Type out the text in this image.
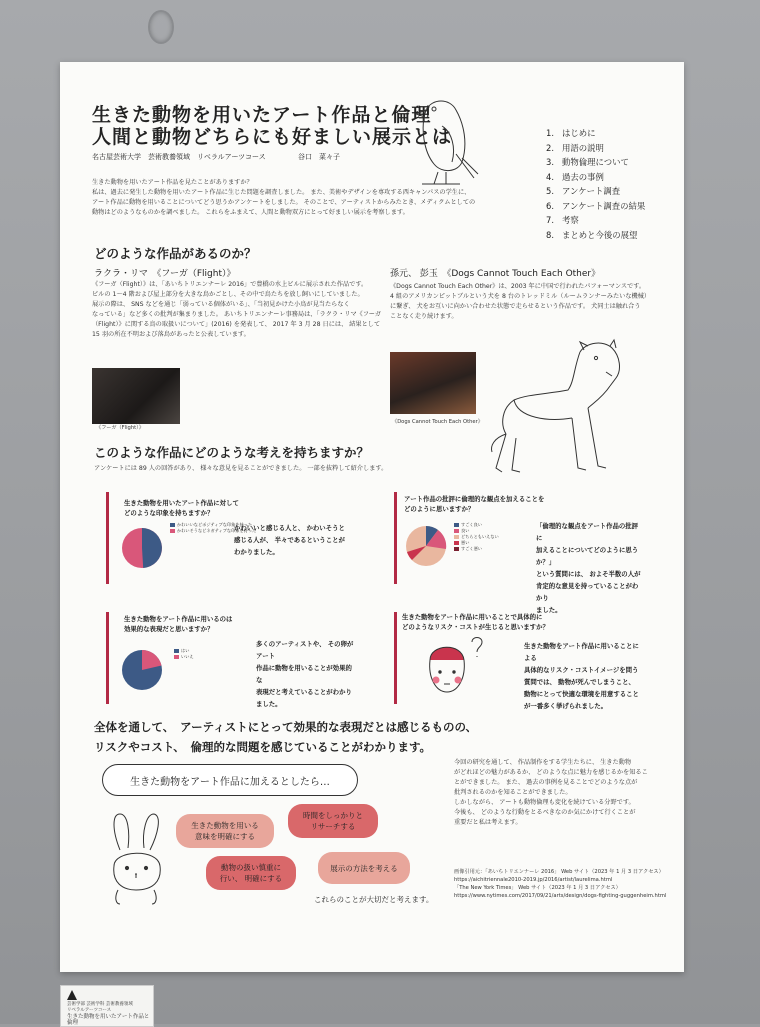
生きた動物を用いたアート作品と倫理
人間と動物どちらにも好ましい展示とは
名古屋芸術大学　芸術教養領域　リベラルアーツコース	谷口　菜々子
生きた動物を用いたアート作品を見たことがありますか？
私は、過去に発生した動物を用いたアート作品に生じた問題を調査しました。 また、美術やデザインを専攻する西キャンパスの学生に、
アート作品に動物を用いることについてどう思うかアンケートをしました。 そのことで、アーティストからみたとき、メディクムとしての
動物はどのようなものかを調べました。 これらをふまえて、人間と動物双方にとって好ましい展示を考察します。
1. はじめに
2. 用語の説明
3. 動物倫理について
4. 過去の事例
5. アンケート調査
6. アンケート調査の結果
7. 考察
8. まとめと今後の展望
どのような作品があるのか？
ラクラ・リマ　《フーガ（Flight）》
《フーガ（Flight）》は、「あいちトリエンナーレ 2016」で豊橋の水上ビルに展示された作品です。
ビルの 1〜4 階および屋上部分を大きな鳥かごとし、その中で鳥たちを放し飼いにしていました。
展示の際は、 SNS などを通じ「弱っている個体がいる」、「当初見かけた小鳥が見当たらなく
なっている」など多くの批判が集まりました。 あいちトリエンナーレ事務局は、「ラクラ・リマ《フーガ
（Flight）》に関する鳥の取扱いについて」(2016) を発表して、 2017 年 3 月 28 日には、 結果として
15 羽の所在不明および落鳥があったと公表しています。
《フーガ（Flight）》
孫元、 彭玉　《Dogs Cannot Touch Each Other》
《Dogs Cannot Touch Each Other》は、2003 年に中国で行われたパフォーマンスです。
4 組のアメリカンピットブルという犬を 8 台のトレッドミル（ルームランナーみたいな機械）
に繋ぎ、 犬をお互いに向かい合わせた状態で走らせるという作品です。 犬同士は触れ合う
ことなく走り続けます。
《Dogs Cannot Touch Each Other》
このような作品にどのような考えを持ちますか？
アンケートには 89 人の回答があり、 様々な意見を見ることができました。 一部を抜粋して紹介します。
生きた動物を用いたアート作品に対して
どのような印象を持ちますか？
かわいいなどポジティブな印象を持った
かわいそうなどネガティブな印象を持った
かわいいと感じる人と、 かわいそうと
感じる人が、 半々であるということが
わかりました。
アート作品の批評に倫理的な観点を加えることを
どのように思いますか？
すごく良い
良い
どちらともいえない
悪い
すごく悪い
「倫理的な観点をアート作品の批評に
加えることについてどのように思うか？」
という質問には、 およそ半数の人が
肯定的な意見を持っていることがわかり
ました。
生きた動物をアート作品に用いるのは
効果的な表現だと思いますか？
はい
いいえ
多くのアーティストや、 その卵がアート
作品に動物を用いることが効果的な
表現だと考えていることがわかりました。
生きた動物をアート作品に用いることで具体的に
どのようなリスク・コストが生じると思いますか？
生きた動物をアート作品に用いることによる
具体的なリスク・コストイメージを問う
質問では、 動物が死んでしまうこと、
動物にとって快適な環境を用意すること
が一番多く挙げられました。
全体を通して、　アーティストにとって効果的な表現だとは感じるものの、
リスクやコスト、　倫理的な問題を感じていることがわかります。
生きた動物をアート作品に加えるとしたら…
生きた動物を用いる
意味を明確にする
時間をしっかりと
リサーチする
動物の扱い慎重に
行い、 明確にする
展示の方法を考える
これらのことが大切だと考えます。
今回の研究を通して、 作品制作をする学生たちに、 生きた動物
がどれほどの魅力があるか、 どのような点に魅力を感じるかを知るこ
とができました。 また、 過去の事例を見ることでどのような点が
批判されるのかを知ることができました。
しかしながら、 アートも動物倫理も変化を続けている分野です。
今後も、 どのような行動をとるべきなのか気にかけて行くことが
重要だと私は考えます。
画像引用元：「あいちトリエンナーレ 2016」 Web サイト（2023 年 1 月 3 日アクセス）
https://aichitriennale2010-2019.jp/2016/artist/laurelima.html
「The New York Times」 Web サイト（2023 年 1 月 3 日アクセス）
https://www.nytimes.com/2017/09/21/arts/design/dogs-fighting-guggenheim.html
芸術学部 芸術学科 芸術教養領域
リベラルアーツコース
生きた動物を用いたアート作品と倫理
